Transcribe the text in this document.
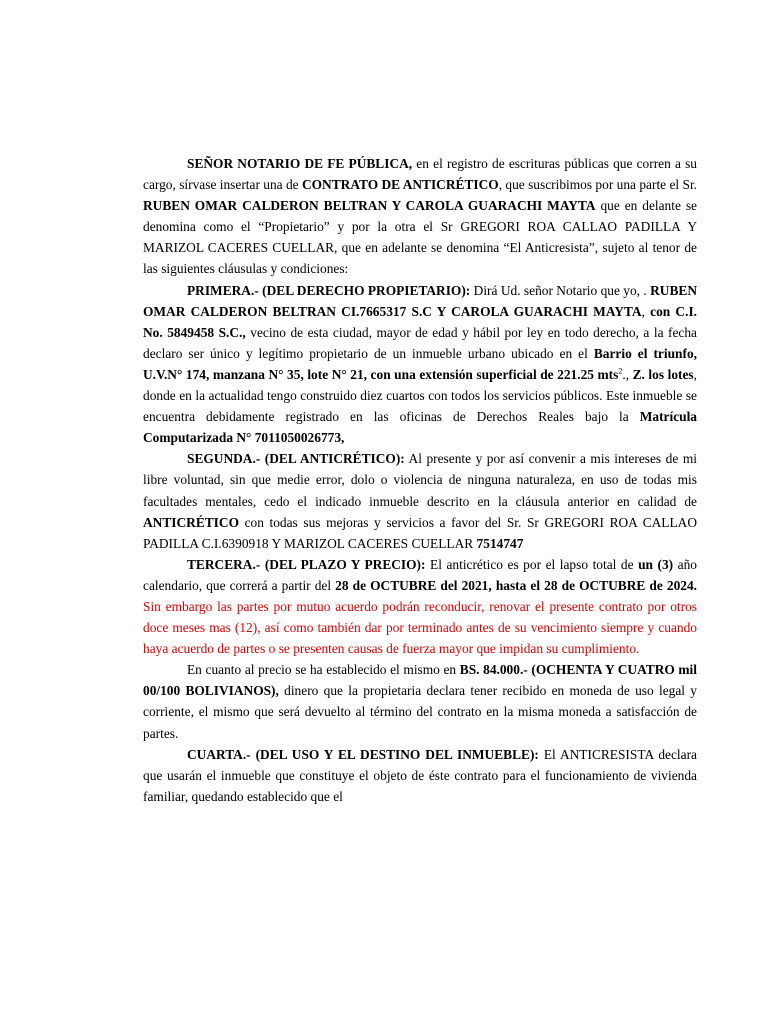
SEÑOR NOTARIO DE FE PÚBLICA, en el registro de escrituras públicas que corren a su cargo, sírvase insertar una de CONTRATO DE ANTICRÉTICO, que suscribimos por una parte el Sr. RUBEN OMAR CALDERON BELTRAN Y CAROLA GUARACHI MAYTA que en delante se denomina como el “Propietario” y por la otra el Sr GREGORI ROA CALLAO PADILLA Y MARIZOL CACERES CUELLAR, que en adelante se denomina “El Anticresista”, sujeto al tenor de las siguientes cláusulas y condiciones:

PRIMERA.- (DEL DERECHO PROPIETARIO): Dirá Ud. señor Notario que yo, . RUBEN OMAR CALDERON BELTRAN CI.7665317 S.C Y CAROLA GUARACHI MAYTA, con C.I. No. 5849458 S.C., vecino de esta ciudad, mayor de edad y hábil por ley en todo derecho, a la fecha declaro ser único y legítimo propietario de un inmueble urbano ubicado en el Barrio el triunfo, U.V.N° 174, manzana N° 35, lote N° 21, con una extensión superficial de 221.25 mts$^2$., Z. los lotes, donde en la actualidad tengo construido diez cuartos con todos los servicios públicos. Este inmueble se encuentra debidamente registrado en las oficinas de Derechos Reales bajo la Matrícula Computarizada N° 7011050026773,

SEGUNDA.- (DEL ANTICRÉTICO): Al presente y por así convenir a mis intereses de mi libre voluntad, sin que medie error, dolo o violencia de ninguna naturaleza, en uso de todas mis facultades mentales, cedo el indicado inmueble descrito en la cláusula anterior en calidad de ANTICRÉTICO con todas sus mejoras y servicios a favor del Sr. Sr GREGORI ROA CALLAO PADILLA C.I.6390918 Y MARIZOL CACERES CUELLAR 7514747

TERCERA.- (DEL PLAZO Y PRECIO): El anticrético es por el lapso total de un (3) año calendario, que correrá a partir del 28 de OCTUBRE del 2021, hasta el 28 de OCTUBRE de 2024. Sin embargo las partes por mutuo acuerdo podrán reconducir, renovar el presente contrato por otros doce meses mas (12), así como también dar por terminado antes de su vencimiento siempre y cuando haya acuerdo de partes o se presenten causas de fuerza mayor que impidan su cumplimiento.

En cuanto al precio se ha establecido el mismo en BS. 84.000.- (OCHENTA Y CUATRO mil 00/100 BOLIVIANOS), dinero que la propietaria declara tener recibido en moneda de uso legal y corriente, el mismo que será devuelto al término del contrato en la misma moneda a satisfacción de partes.

CUARTA.- (DEL USO Y EL DESTINO DEL INMUEBLE): El ANTICRESISTA declara que usarán el inmueble que constituye el objeto de éste contrato para el funcionamiento de vivienda familiar, quedando establecido que el
